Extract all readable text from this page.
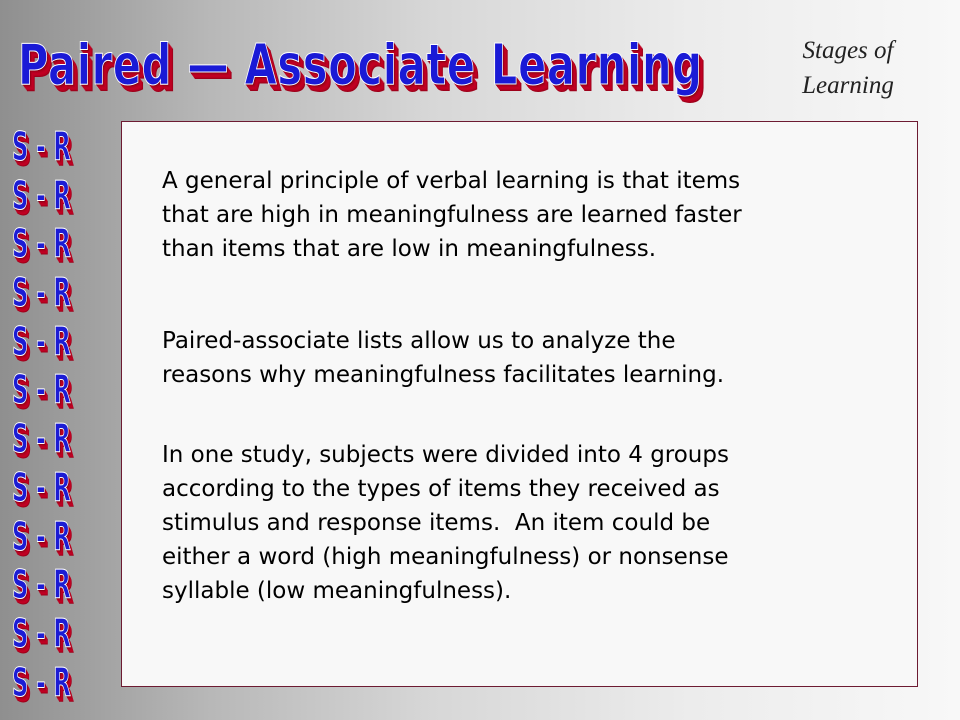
Paired — Associate Learning	Stages of
Learning
S - R
S - R
S - R
S - R
S - R
S - R
S - R
S - R
S - R
S - R
S - R
S - R

A general principle of verbal learning is that items
that are high in meaningfulness are learned faster
than items that are low in meaningfulness.

Paired-associate lists allow us to analyze the
reasons why meaningfulness facilitates learning.

In one study, subjects were divided into 4 groups
according to the types of items they received as
stimulus and response items.  An item could be
either a word (high meaningfulness) or nonsense
syllable (low meaningfulness).
